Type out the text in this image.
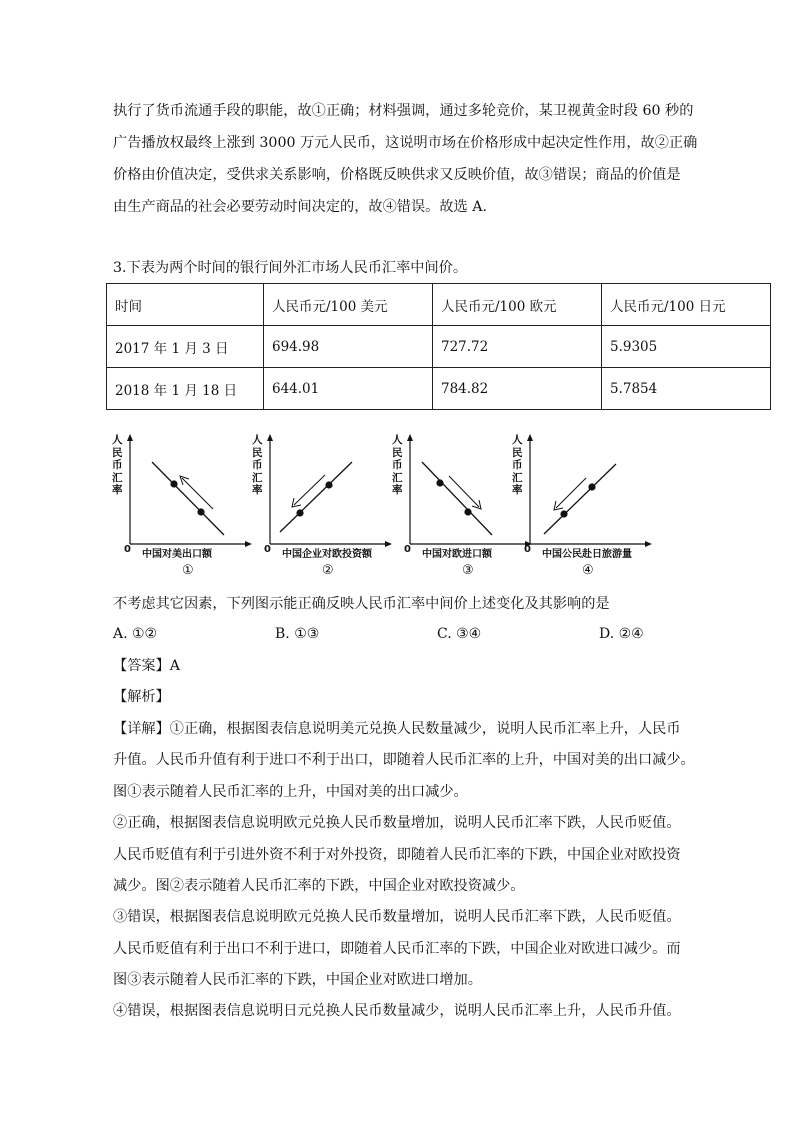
执行了货币流通手段的职能，故①正确；材料强调，通过多轮竞价，某卫视黄金时段 60 秒的
广告播放权最终上涨到 3000 万元人民币，这说明市场在价格形成中起决定性作用，故②正确
价格由价值决定，受供求关系影响，价格既反映供求又反映价值，故③错误；商品的价值是
由生产商品的社会必要劳动时间决定的，故④错误。故选 A.
3.下表为两个时间的银行间外汇市场人民币汇率中间价。
时间	人民币元/100 美元	人民币元/100 欧元	人民币元/100 日元
2017 年 1 月 3 日	694.98	727.72	5.9305
2018 年 1 月 18 日	644.01	784.82	5.7854
人民币汇率
0 中国对美出口额
①
人民币汇率
0 中国企业对欧投资额
②
人民币汇率
0 中国对欧进口额
③
人民币汇率
0 中国公民赴日旅游量
④
不考虑其它因素，下列图示能正确反映人民币汇率中间价上述变化及其影响的是
A. ①②	B. ①③	C. ③④	D. ②④
【答案】A
【解析】
【详解】①正确，根据图表信息说明美元兑换人民数量减少，说明人民币汇率上升，人民币
升值。人民币升值有利于进口不利于出口，即随着人民币汇率的上升，中国对美的出口减少。
图①表示随着人民币汇率的上升，中国对美的出口减少。
②正确，根据图表信息说明欧元兑换人民币数量增加，说明人民币汇率下跌，人民币贬值。
人民币贬值有利于引进外资不利于对外投资，即随着人民币汇率的下跌，中国企业对欧投资
减少。图②表示随着人民币汇率的下跌，中国企业对欧投资减少。
③错误，根据图表信息说明欧元兑换人民币数量增加，说明人民币汇率下跌，人民币贬值。
人民币贬值有利于出口不利于进口，即随着人民币汇率的下跌，中国企业对欧进口减少。而
图③表示随着人民币汇率的下跌，中国企业对欧进口增加。
④错误，根据图表信息说明日元兑换人民币数量减少，说明人民币汇率上升，人民币升值。
